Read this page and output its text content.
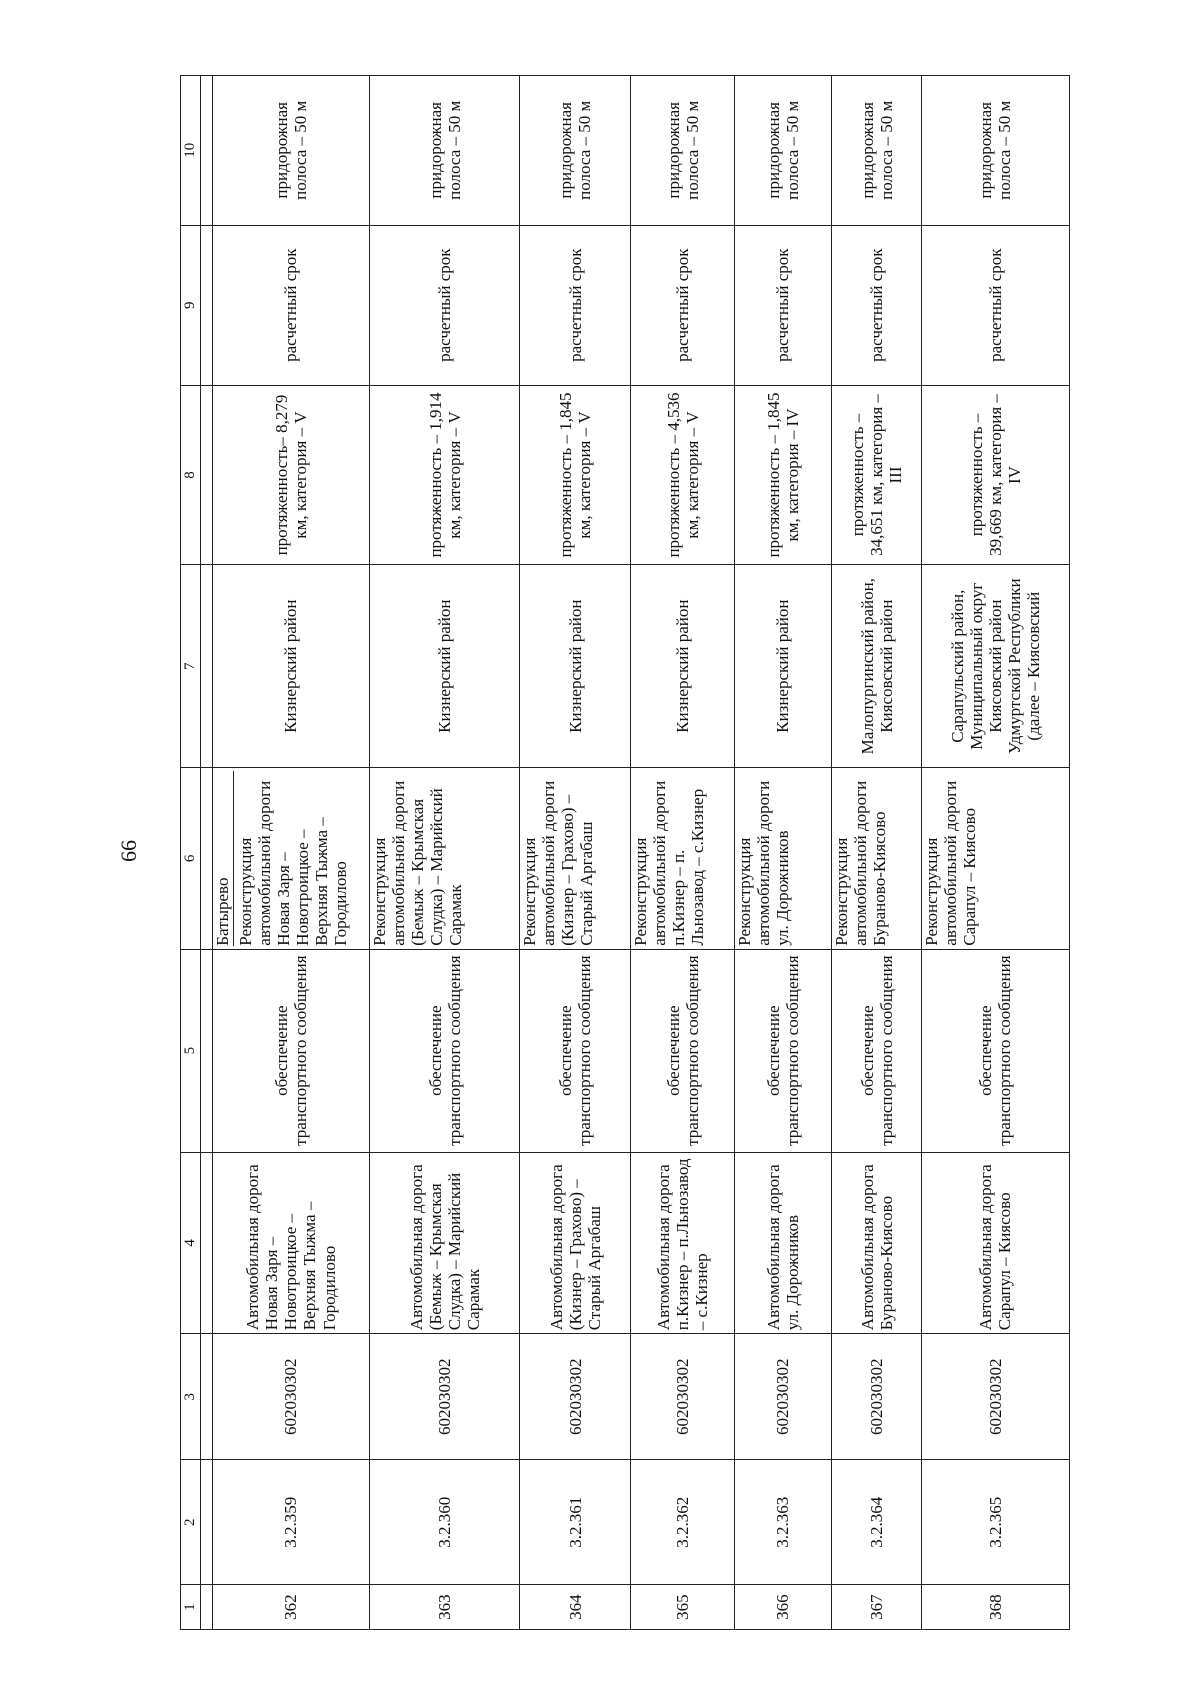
66
1	2	3	4	5	6	7	8	9	10

362	3.2.359	602030302	Автомобильная дорога Новая Заря – Новотроицкое – Верхняя Тыжма – Городилово	обеспечение транспортного сообщения	Батырево Реконструкция автомобильной дороги Новая Заря – Новотроицкое – Верхняя Тыжма – Городилово	Кизнерский район	протяженность– 8,279 км, категория – V	расчетный срок	придорожная полоса – 50 м
363	3.2.360	602030302	Автомобильная дорога (Бемыж – Крымская Слудка) – Марийский Сарамак	обеспечение транспортного сообщения	Реконструкция автомобильной дороги (Бемыж – Крымская Слудка) – Марийский Сарамак	Кизнерский район	протяженность – 1,914 км, категория – V	расчетный срок	придорожная полоса – 50 м
364	3.2.361	602030302	Автомобильная дорога (Кизнер – Грахово) – Старый Аргабаш	обеспечение транспортного сообщения	Реконструкция автомобильной дороги (Кизнер – Грахово) –Старый Аргабаш	Кизнерский район	протяженность – 1,845 км, категория – V	расчетный срок	придорожная полоса – 50 м
365	3.2.362	602030302	Автомобильная дорога п.Кизнер – п.Льнозавод – с.Кизнер	обеспечение транспортного сообщения	Реконструкция автомобильной дороги п.Кизнер – п. Льнозавод – с.Кизнер	Кизнерский район	протяженность – 4,536 км, категория – V	расчетный срок	придорожная полоса – 50 м
366	3.2.363	602030302	Автомобильная дорога ул. Дорожников	обеспечение транспортного сообщения	Реконструкция автомобильной дороги ул. Дорожников	Кизнерский район	протяженность – 1,845 км, категория – IV	расчетный срок	придорожная полоса – 50 м
367	3.2.364	602030302	Автомобильная дорога Бураново-Киясово	обеспечение транспортного сообщения	Реконструкция автомобильной дороги Бураново-Киясово	Малопургинский район, Киясовский район	протяженность – 34,651 км, категория – III	расчетный срок	придорожная полоса – 50 м
368	3.2.365	602030302	Автомобильная дорога Сарапул – Киясово	обеспечение транспортного сообщения	Реконструкция автомобильной дороги Сарапул – Киясово	Сарапульский район, Муниципальный округ Киясовский район Удмуртской Республики (далее – Киясовский	протяженность – 39,669 км, категория – IV	расчетный срок	придорожная полоса – 50 м
